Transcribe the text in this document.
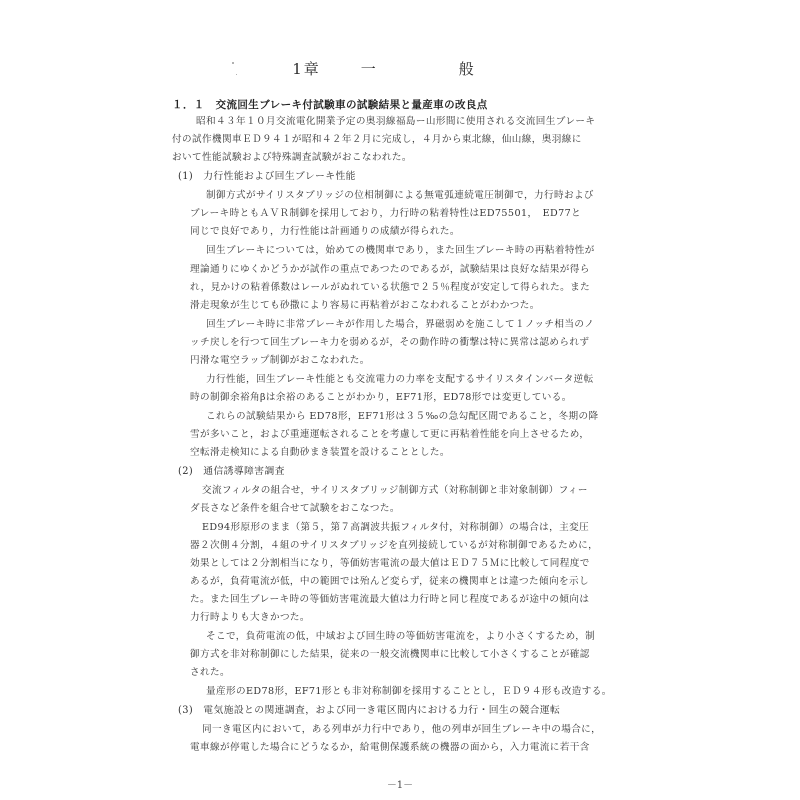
1章	一　般
１．１　交流回生ブレーキ付試験車の試験結果と量産車の改良点
昭和４３年１０月交流電化開業予定の奥羽線福島ー山形間に使用される交流回生ブレーキ
付の試作機関車ＥＤ９４１が昭和４２年２月に完成し，４月から東北線，仙山線，奥羽線に
おいて性能試験および特殊調査試験がおこなわれた。
(1)　力行性能および回生ブレーキ性能
制御方式がサイリスタブリッジの位相制御による無電弧連続電圧制御で，力行時および
ブレーキ時ともＡＶＲ制御を採用しており，力行時の粘着特性はED75501，　ED77と
同じで良好であり，力行性能は計画通りの成績が得られた。
回生ブレーキについては，始めての機関車であり，また回生ブレーキ時の再粘着特性が
理論通りにゆくかどうかが試作の重点であつたのであるが，試験結果は良好な結果が得ら
れ，見かけの粘着係数はレールがぬれている状態で２５％程度が安定して得られた。また
滑走現象が生じても砂撒により容易に再粘着がおこなわれることがわかつた。
回生ブレーキ時に非常ブレーキが作用した場合，界磁弱めを施こして１ノッチ相当のノ
ッチ戻しを行つて回生ブレーキ力を弱めるが，その動作時の衝撃は特に異常は認められず
円滑な電空ラップ制御がおこなわれた。
力行性能，回生ブレーキ性能とも交流電力の力率を支配するサイリスタインバータ逆転
時の制御余裕角βは余裕のあることがわかり，EF71形，ED78形では変更している。
これらの試験結果から ED78形，EF71形は３５‰の急勾配区間であること，冬期の降
雪が多いこと，および重連運転されることを考慮して更に再粘着性能を向上させるため，
空転滑走検知による自動砂まき装置を設けることとした。
(2)　通信誘導障害調査
交流フィルタの組合せ，サイリスタブリッジ制御方式（対称制御と非対象制御）フィー
ダ長さなど条件を組合せて試験をおこなつた。
ED94形原形のまま（第５，第７高調波共振フィルタ付，対称制御）の場合は，主変圧
器２次側４分割，４組のサイリスタブリッジを直列接続しているが対称制御であるために，
効果としては２分割相当になり，等価妨害電流の最大値はＥＤ７５Ｍに比較して同程度で
あるが，負荷電流が低，中の範囲では殆んど変らず，従来の機関車とは違つた傾向を示し
た。また回生ブレーキ時の等価妨害電流最大値は力行時と同じ程度であるが途中の傾向は
力行時よりも大きかつた。
そこで，負荷電流の低，中域および回生時の等価妨害電流を，より小さくするため，制
御方式を非対称制御にした結果，従来の一般交流機関車に比較して小さくすることが確認
された。
量産形のED78形，EF71形とも非対称制御を採用することとし，ＥＤ９４形も改造する。
(3)　電気施設との関連調査，および同一き電区間内における力行・回生の競合運転
同一き電区内において，ある列車が力行中であり，他の列車が回生ブレーキ中の場合に，
電車線が停電した場合にどうなるか，給電側保護系統の機器の面から，入力電流に若干含
－1－
